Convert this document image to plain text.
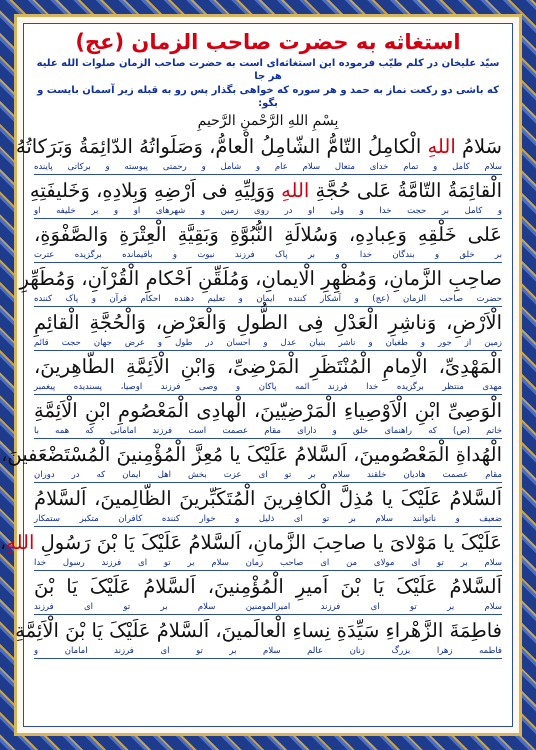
استغاثه به حضرت صاحب الزمان (عج)

سیّد علیخان در کلم طیّب فرموده این استغاثه‌ای است به حضرت صاحب الزمان صلوات الله علیه هر جا

که باشی دو رکعت نماز به حمد و هر سوره که خواهی بگذار پس رو به قبله زیر آسمان بایست و بگو:

بِسْمِ اللهِ الرَّحْمنِ الرَّحیمِ
سَلامُ اللهِ الْکامِلُ التّامُّ الشّامِلُ الْعامُّ، وَصَلَواتُهُ الدّائِمَةُ وَبَرَکاتُهُ
سلام کامل و تمام خدای متعال سلام عام و شامل و رحمتی پیوسته و برکاتی پاینده
الْقائِمَةُ التّامَّةُ عَلی حُجَّةِ اللهِ وَوَلِیِّهِ فی اَرْضِهِ وَبِلادِهِ، وَخَلیفَتِهِ
و کامل بر حجت خدا و ولی او در روی زمین و شهرهای او و بر خلیفه او
عَلی خَلْقِهِ وَعِبادِهِ، وَسُلالَةِ النُّبُوَّةِ وَبَقِیَّةِ الْعِتْرَةِ وَالصَّفْوَةِ،
بر خلق و بندگان خدا و بر پاک فرزند نبوت و باقیمانده برگزیده عترت
صاحِبِ الزَّمانِ، وَمُظْهِرِ الْایمانِ، وَمُلَقِّنِ اَحْکامِ الْقُرْآنِ، وَمُطَهِّرِ
حضرت صاحب الزمان (عج) و آشکار کننده ایمان و تعلیم دهنده احکام قرآن و پاک کننده
الْاَرْضِ، وَناشِرِ الْعَدْلِ فِی الطُّولِ وَالْعَرْضِ، وَالْحُجَّةِ الْقائِمِ
زمین از جور و طغیان و ناشر بنیان عدل و احسان در طول و عرض جهان حجت قائم
الْمَهْدِیِّ، الْاِمامِ الْمُنْتَظَرِ الْمَرْضِیِّ، وَابْنِ الْاَئِمَّةِ الطّاهِرینَ،
مهدی منتظر برگزیده خدا فرزند ائمه پاکان و وصی فرزند اوصیا، پسندیده پیغمبر
الْوَصِیِّ ابْنِ الْاَوْصِیاءِ الْمَرْضِیّینَ، الْهادِی الْمَعْصُومِ ابْنِ الْاَئِمَّةِ
خاتم (ص) که راهنمای خلق و دارای مقام عصمت است فرزند امامانی که همه با
الْهُداةِ الْمَعْصُومینَ، اَلسَّلامُ عَلَیْکَ یا مُعِزَّ الْمُؤْمِنینَ الْمُسْتَضْعَفینَ،
مقام عصمت هادیان خلقند سلام بر تو ای عزت بخش اهل ایمان که در دوران
اَلسَّلامُ عَلَیْکَ یا مُذِلَّ الْکافِرینَ الْمُتَکَبِّرینَ الظّالِمینَ، اَلسَّلامُ
ضعیف و ناتوانند سلام بر تو ای ذلیل و خوار کننده کافران متکبر ستمکار
عَلَیْکَ یا مَوْلایَ یا صاحِبَ الزَّمانِ، اَلسَّلامُ عَلَیْکَ یَا بْنَ رَسُولِ اللهِ،
سلام بر تو ای مولای من ای صاحب زمان سلام بر تو ای فرزند رسول خدا
اَلسَّلامُ عَلَیْکَ یَا بْنَ اَمیرِ الْمُؤْمِنینَ، اَلسَّلامُ عَلَیْکَ یَا بْنَ
سلام بر تو ای فرزند امیرالمومنین سلام بر تو ای فرزند
فاطِمَةَ الزَّهْراءِ سَیِّدَةِ نِساءِ الْعالَمینَ، اَلسَّلامُ عَلَیْکَ یَا بْنَ الْاَئِمَّةِ
فاطمه زهرا بزرگ زنان عالم سلام بر تو ای فرزند امامان و
